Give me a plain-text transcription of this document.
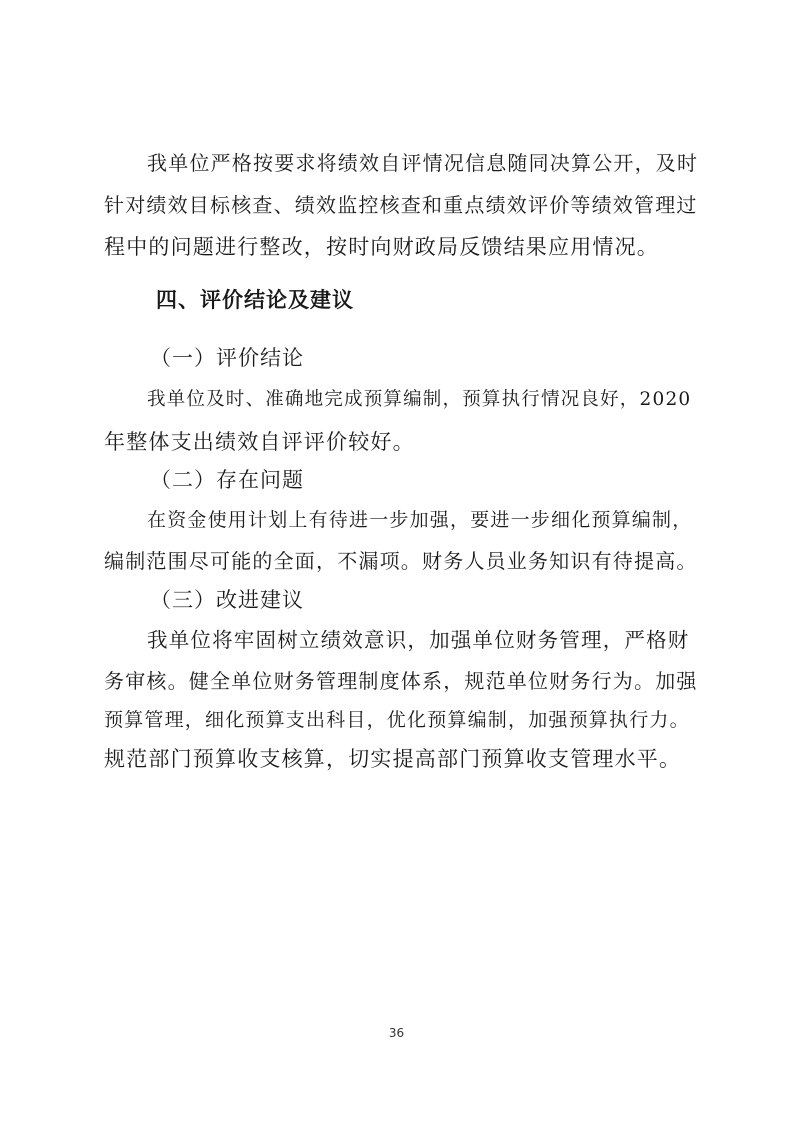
我单位严格按要求将绩效自评情况信息随同决算公开，及时
针对绩效目标核查、绩效监控核查和重点绩效评价等绩效管理过
程中的问题进行整改，按时向财政局反馈结果应用情况。
四、评价结论及建议
（一）评价结论
我单位及时、准确地完成预算编制，预算执行情况良好，2020
年整体支出绩效自评评价较好。
（二）存在问题
在资金使用计划上有待进一步加强，要进一步细化预算编制，
编制范围尽可能的全面，不漏项。财务人员业务知识有待提高。
（三）改进建议
我单位将牢固树立绩效意识，加强单位财务管理，严格财
务审核。健全单位财务管理制度体系，规范单位财务行为。加强
预算管理，细化预算支出科目，优化预算编制，加强预算执行力。
规范部门预算收支核算，切实提高部门预算收支管理水平。
36
